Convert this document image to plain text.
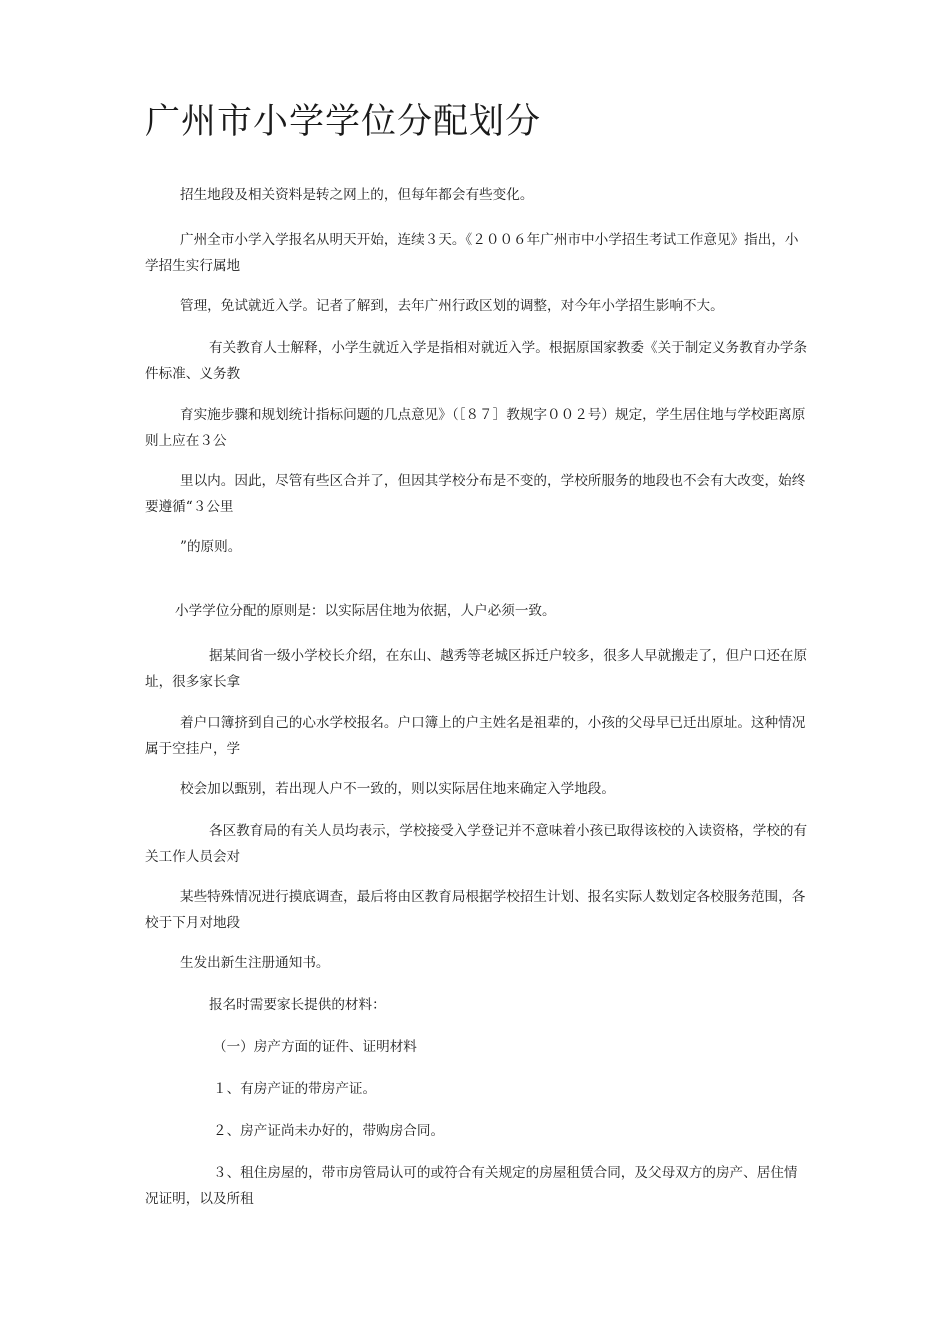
广州市小学学位分配划分

招生地段及相关资料是转之网上的，但每年都会有些变化。

广州全市小学入学报名从明天开始，连续３天。《２００６年广州市中小学招生考试工作意见》指出，小学招生实行属地

管理，免试就近入学。记者了解到，去年广州行政区划的调整，对今年小学招生影响不大。

有关教育人士解释，小学生就近入学是指相对就近入学。根据原国家教委《关于制定义务教育办学条件标准、义务教

育实施步骤和规划统计指标问题的几点意见》（［８７］教规字００２号）规定，学生居住地与学校距离原则上应在３公

里以内。因此，尽管有些区合并了，但因其学校分布是不变的，学校所服务的地段也不会有大改变，始终要遵循“３公里

”的原则。

小学学位分配的原则是：以实际居住地为依据，人户必须一致。

据某间省一级小学校长介绍，在东山、越秀等老城区拆迁户较多，很多人早就搬走了，但户口还在原址，很多家长拿

着户口簿挤到自己的心水学校报名。户口簿上的户主姓名是祖辈的，小孩的父母早已迁出原址。这种情况属于空挂户，学

校会加以甄别，若出现人户不一致的，则以实际居住地来确定入学地段。

各区教育局的有关人员均表示，学校接受入学登记并不意味着小孩已取得该校的入读资格，学校的有关工作人员会对

某些特殊情况进行摸底调查，最后将由区教育局根据学校招生计划、报名实际人数划定各校服务范围，各校于下月对地段

生发出新生注册通知书。

报名时需要家长提供的材料：

（一）房产方面的证件、证明材料

１、有房产证的带房产证。

２、房产证尚未办好的，带购房合同。

３、租住房屋的，带市房管局认可的或符合有关规定的房屋租赁合同，及父母双方的房产、居住情况证明，以及所租
